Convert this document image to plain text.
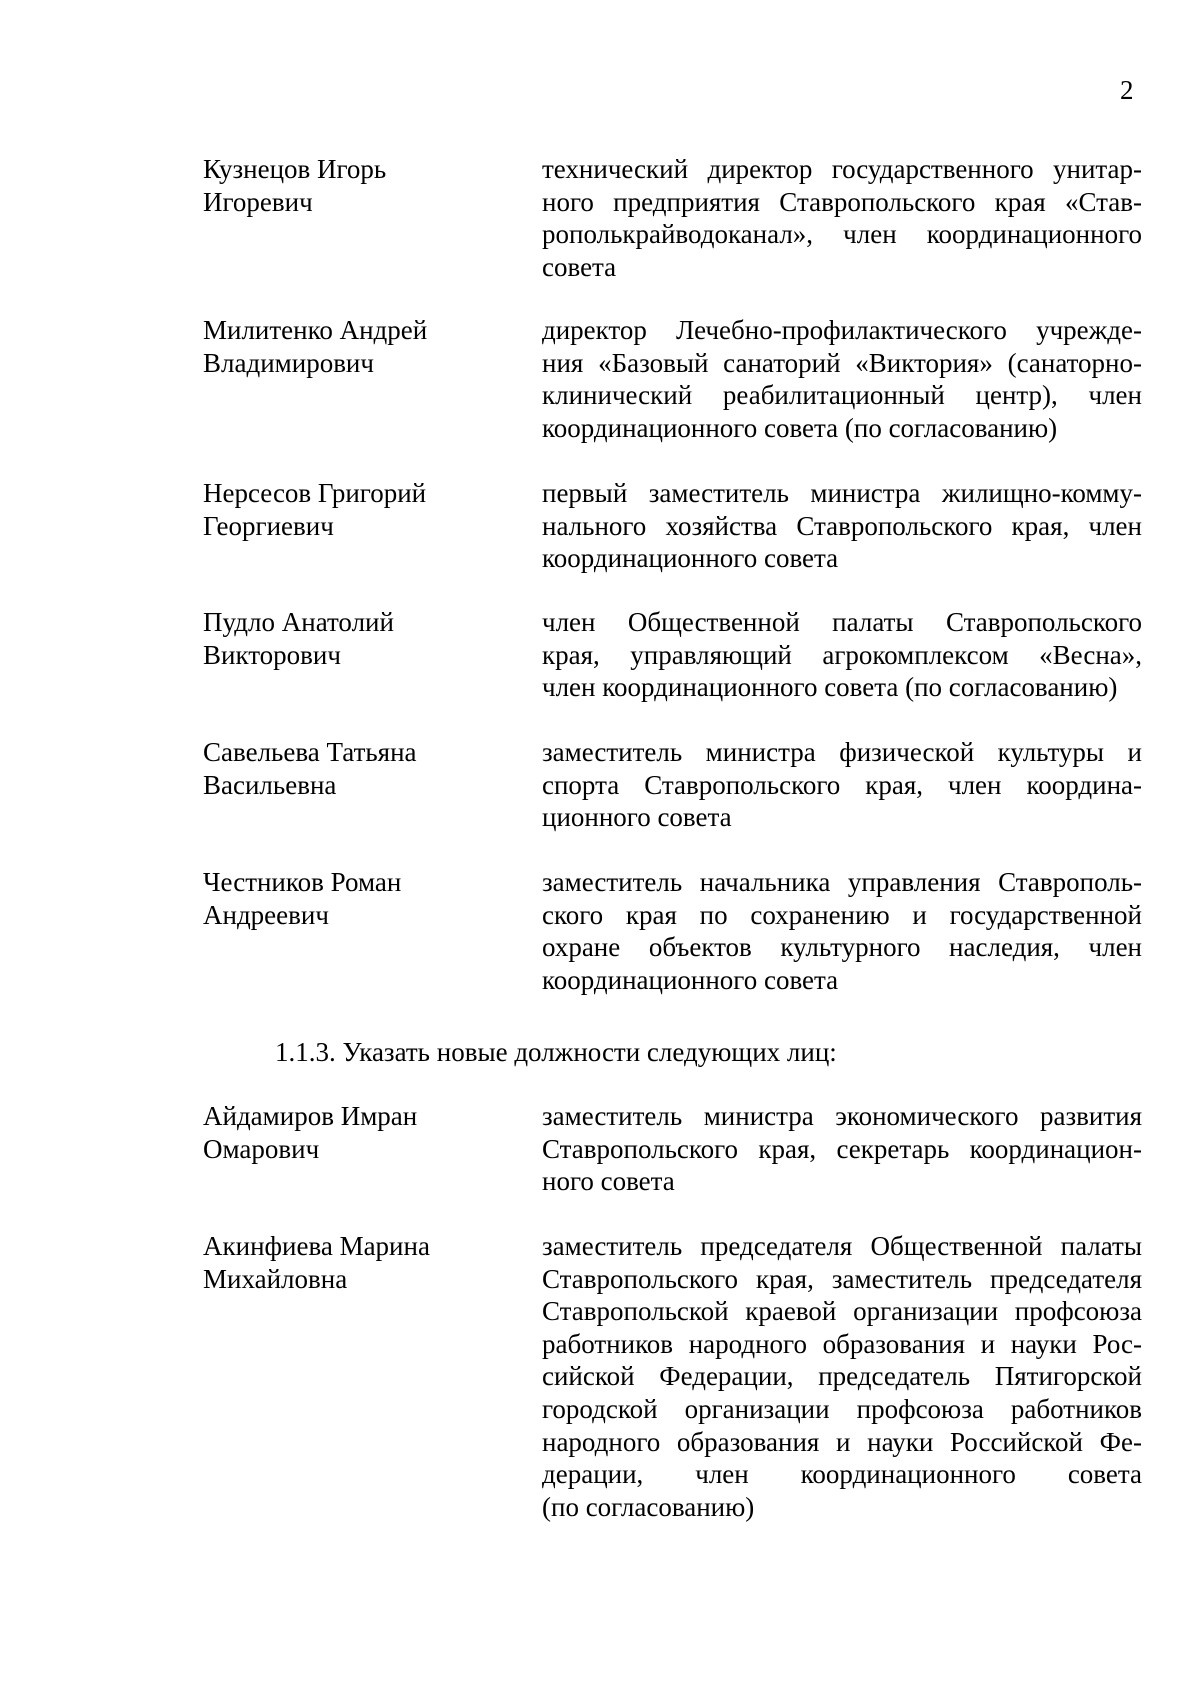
2
Кузнецов Игорь
Игоревич
технический директор государственного унитар-
ного предприятия Ставропольского края «Став-
рополькрайводоканал», член координационного
совета
Милитенко Андрей
Владимирович
директор Лечебно-профилактического учрежде-
ния «Базовый санаторий «Виктория» (санаторно-
клинический реабилитационный центр), член
координационного совета (по согласованию)
Нерсесов Григорий
Георгиевич
первый заместитель министра жилищно-комму-
нального хозяйства Ставропольского края, член
координационного совета
Пудло Анатолий
Викторович
член Общественной палаты Ставропольского
края, управляющий агрокомплексом «Весна»,
член координационного совета (по согласованию)
Савельева Татьяна
Васильевна
заместитель министра физической культуры и
спорта Ставропольского края, член координа-
ционного совета
Честников Роман
Андреевич
заместитель начальника управления Ставрополь-
ского края по сохранению и государственной
охране объектов культурного наследия, член
координационного совета
1.1.3. Указать новые должности следующих лиц:
Айдамиров Имран
Омарович
заместитель министра экономического развития
Ставропольского края, секретарь координацион-
ного совета
Акинфиева Марина
Михайловна
заместитель председателя Общественной палаты
Ставропольского края, заместитель председателя
Ставропольской краевой организации профсоюза
работников народного образования и науки Рос-
сийской Федерации, председатель Пятигорской
городской организации профсоюза работников
народного образования и науки Российской Фе-
дерации, член координационного совета
(по согласованию)
